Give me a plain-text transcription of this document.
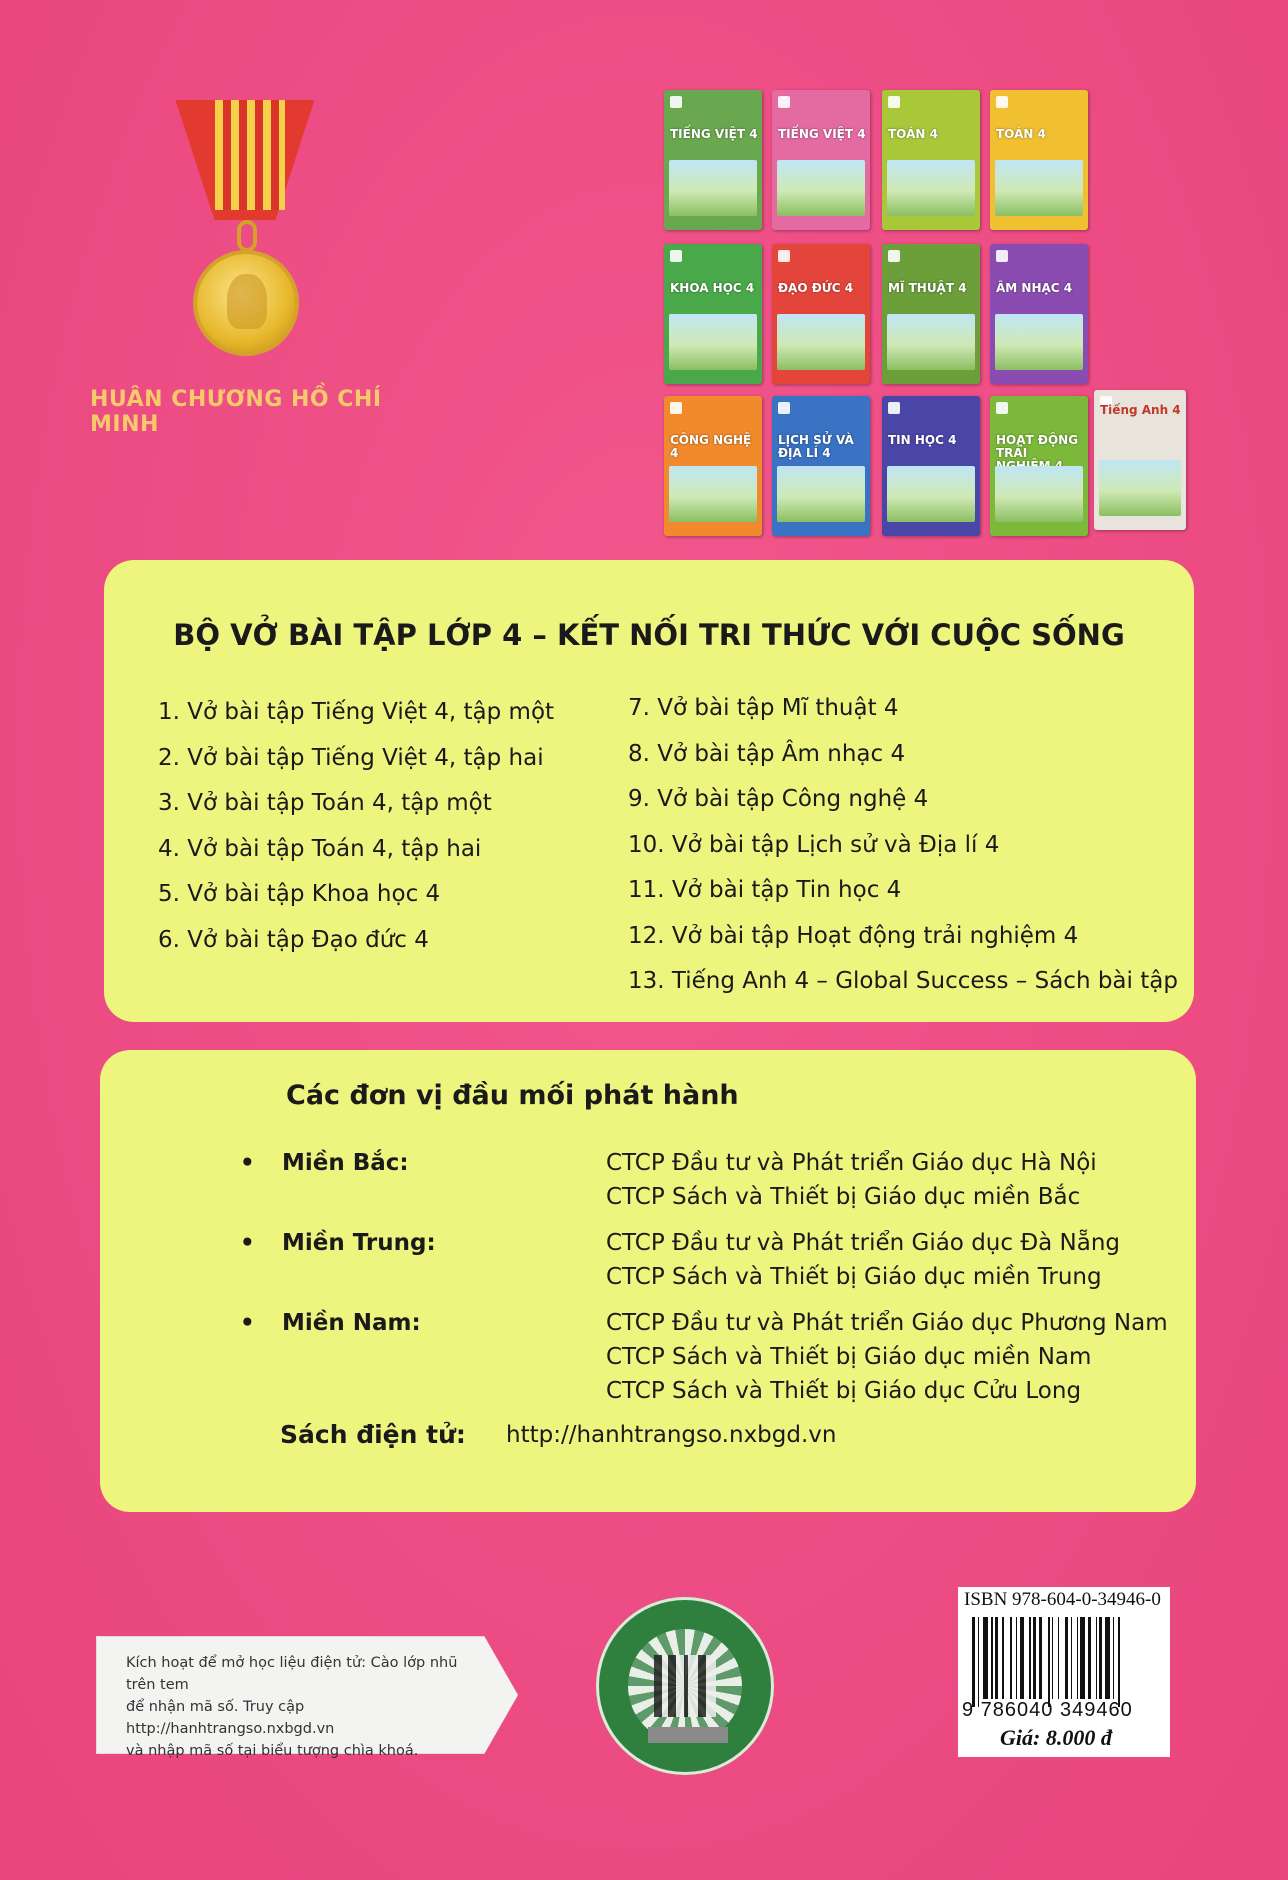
HUÂN CHƯƠNG HỒ CHÍ MINH
TIẾNG VIỆT 4 TIẾNG VIỆT 4 TOÁN 4	TOÁN 4
KHOA HỌC 4	ĐẠO ĐỨC 4	MĨ THUẬT 4	ÂM NHẠC 4
CÔNG NGHỆ 4
LỊCH SỬ VÀ ĐỊA LÍ 4
TIN HỌC 4	HOẠT ĐỘNG TRẢI
Tiếng Anh 4
BỘ VỞ BÀI TẬP LỚP 4 – KẾT NỐI TRI THỨC VỚI CUỘC SỐNG
1. Vở bài tập Tiếng Việt 4, tập một
2. Vở bài tập Tiếng Việt 4, tập hai
3. Vở bài tập Toán 4, tập một
4. Vở bài tập Toán 4, tập hai
5. Vở bài tập Khoa học 4
6. Vở bài tập Đạo đức 4
7. Vở bài tập Mĩ thuật 4
8. Vở bài tập Âm nhạc 4
9. Vở bài tập Công nghệ 4
10. Vở bài tập Lịch sử và Địa lí 4
11. Vở bài tập Tin học 4
12. Vở bài tập Hoạt động trải nghiệm 4
13. Tiếng Anh 4 – Global Success – Sách bài tập
Các đơn vị đầu mối phát hành
• Miền Bắc:	CTCP Đầu tư và Phát triển Giáo dục Hà Nội
CTCP Sách và Thiết bị Giáo dục miền Bắc
• Miền Trung:	CTCP Đầu tư và Phát triển Giáo dục Đà Nẵng
CTCP Sách và Thiết bị Giáo dục miền Trung
• Miền Nam:	CTCP Đầu tư và Phát triển Giáo dục Phương Nam
CTCP Sách và Thiết bị Giáo dục miền Nam
CTCP Sách và Thiết bị Giáo dục Cửu Long
Sách điện tử: http://hanhtrangso.nxbgd.vn
Kích hoạt để mở học liệu điện tử: Cào lớp nhũ trên tem
để nhận mã số. Truy cập http://hanhtrangso.nxbgd.vn
và nhập mã số tại biểu tượng chìa khoá.
ISBN 978-604-0-34946-0
9 786040 349460
Giá: 8.000 đ
